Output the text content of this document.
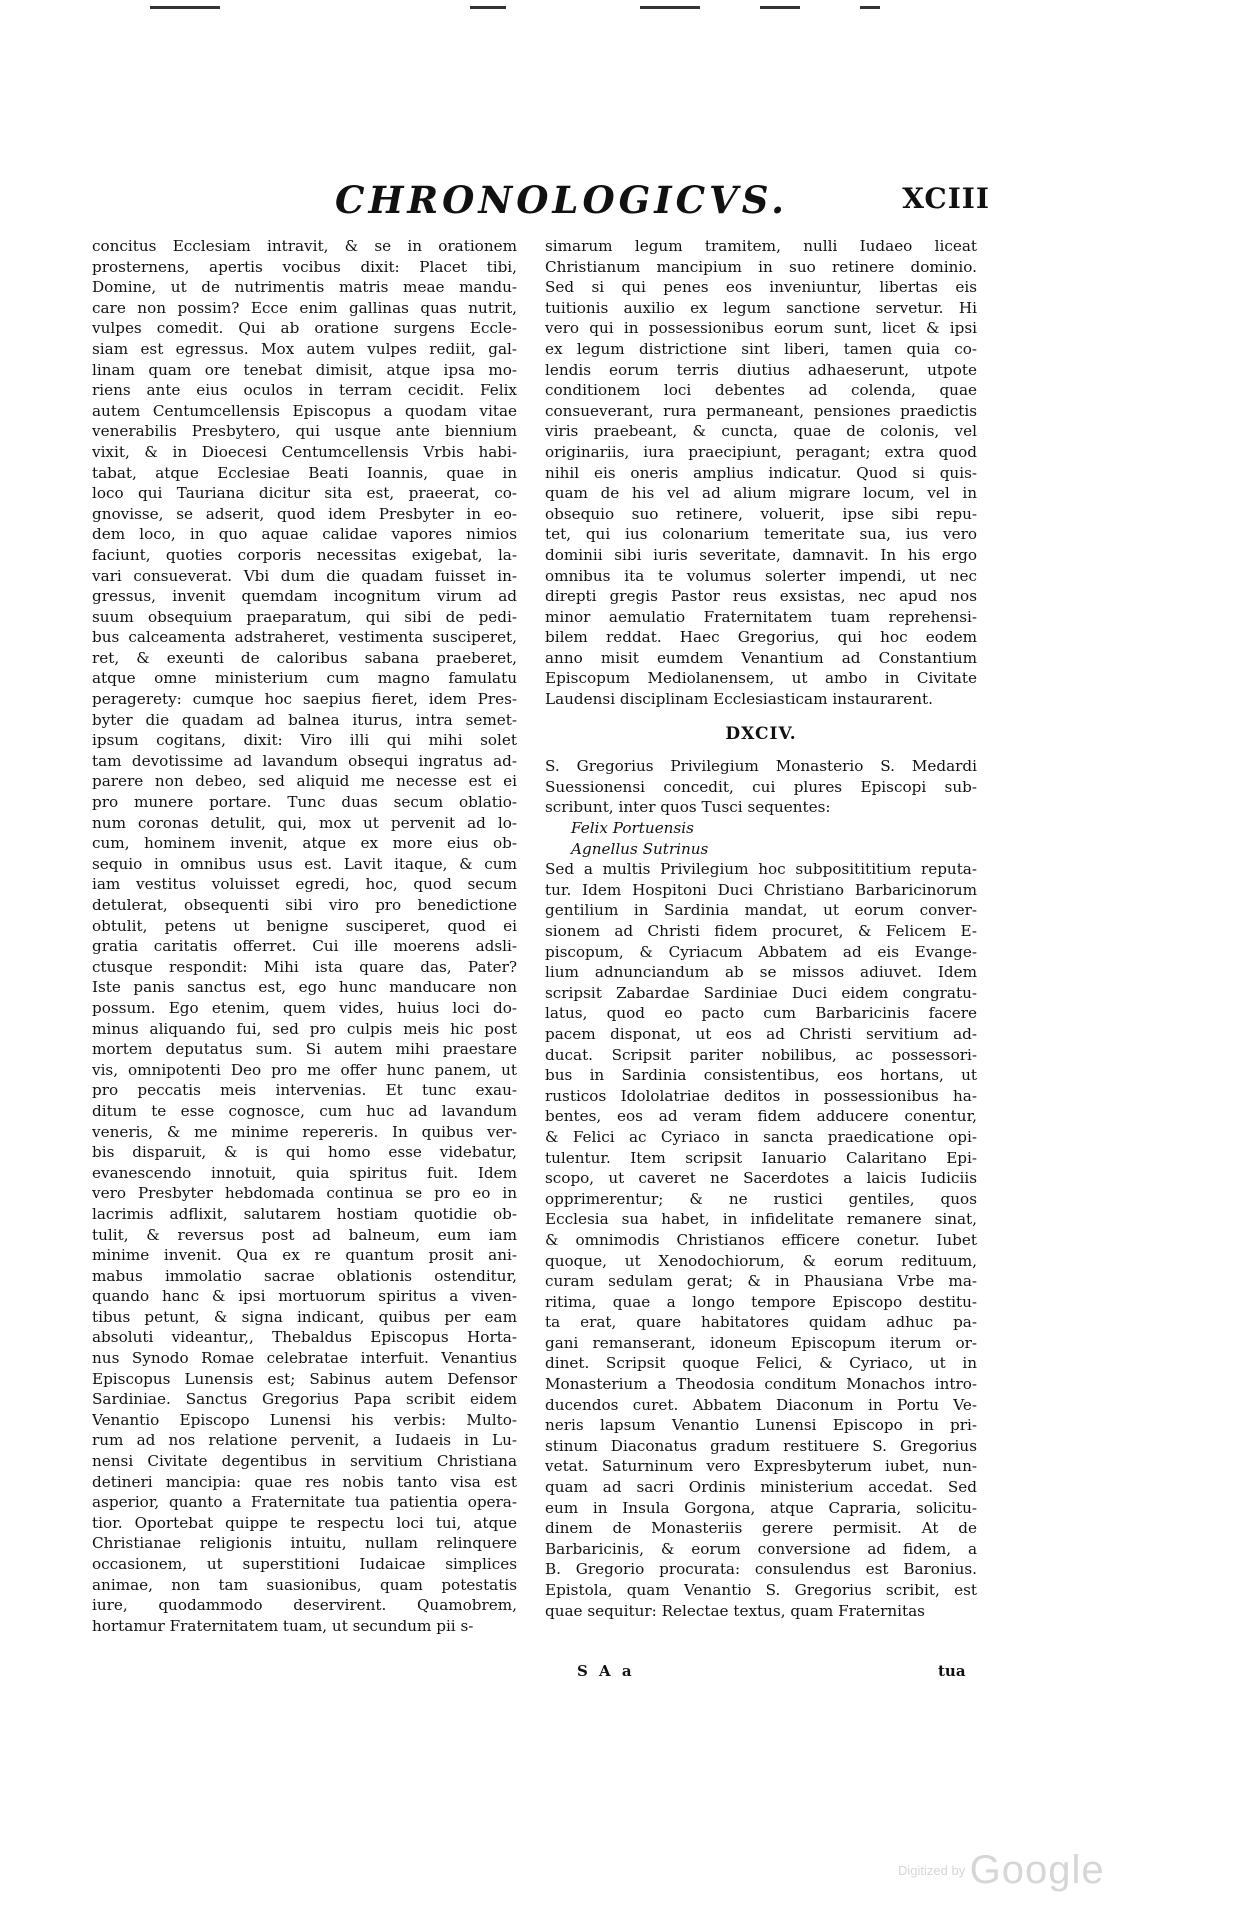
CHRONOLOGICVS.	XCIII
concitus Ecclesiam intravit, & se in orationem
prosternens, apertis vocibus dixit: Placet tibi,
Domine, ut de nutrimentis matris meae mandu-
care non possim? Ecce enim gallinas quas nutrit,
vulpes comedit. Qui ab oratione surgens Eccle-
siam est egressus. Mox autem vulpes rediit, gal-
linam quam ore tenebat dimisit, atque ipsa mo-
riens ante eius oculos in terram cecidit. Felix
autem Centumcellensis Episcopus a quodam vitae
venerabilis Presbytero, qui usque ante biennium
vixit, & in Dioecesi Centumcellensis Vrbis habi-
tabat, atque Ecclesiae Beati Ioannis, quae in
loco qui Tauriana dicitur sita est, praeerat, co-
gnovisse, se adserit, quod idem Presbyter in eo-
dem loco, in quo aquae calidae vapores nimios
faciunt, quoties corporis necessitas exigebat, la-
vari consueverat. Vbi dum die quadam fuisset in-
gressus, invenit quemdam incognitum virum ad
suum obsequium praeparatum, qui sibi de pedi-
bus calceamenta adstraheret, vestimenta susciperet,
ret, & exeunti de caloribus sabana praeberet,
atque omne ministerium cum magno famulatu
peragerety: cumque hoc saepius fieret, idem Pres-
byter die quadam ad balnea iturus, intra semet-
ipsum cogitans, dixit: Viro illi qui mihi solet
tam devotissime ad lavandum obsequi ingratus ad-
parere non debeo, sed aliquid me necesse est ei
pro munere portare. Tunc duas secum oblatio-
num coronas detulit, qui, mox ut pervenit ad lo-
cum, hominem invenit, atque ex more eius ob-
sequio in omnibus usus est. Lavit itaque, & cum
iam vestitus voluisset egredi, hoc, quod secum
detulerat, obsequenti sibi viro pro benedictione
obtulit, petens ut benigne susciperet, quod ei
gratia caritatis offerret. Cui ille moerens adsli-
ctusque respondit: Mihi ista quare das, Pater?
Iste panis sanctus est, ego hunc manducare non
possum. Ego etenim, quem vides, huius loci do-
minus aliquando fui, sed pro culpis meis hic post
mortem deputatus sum. Si autem mihi praestare
vis, omnipotenti Deo pro me offer hunc panem, ut
pro peccatis meis intervenias. Et tunc exau-
ditum te esse cognosce, cum huc ad lavandum
veneris, & me minime repereris. In quibus ver-
bis disparuit, & is qui homo esse videbatur,
evanescendo innotuit, quia spiritus fuit. Idem
vero Presbyter hebdomada continua se pro eo in
lacrimis adflixit, salutarem hostiam quotidie ob-
tulit, & reversus post ad balneum, eum iam
minime invenit. Qua ex re quantum prosit ani-
mabus immolatio sacrae oblationis ostenditur,
quando hanc & ipsi mortuorum spiritus a viven-
tibus petunt, & signa indicant, quibus per eam
absoluti videantur,, Thebaldus Episcopus Horta-
nus Synodo Romae celebratae interfuit. Venantius
Episcopus Lunensis est; Sabinus autem Defensor
Sardiniae. Sanctus Gregorius Papa scribit eidem
Venantio Episcopo Lunensi his verbis: Multo-
rum ad nos relatione pervenit, a Iudaeis in Lu-
nensi Civitate degentibus in servitium Christiana
detineri mancipia: quae res nobis tanto visa est
asperior, quanto a Fraternitate tua patientia opera-
tior. Oportebat quippe te respectu loci tui, atque
Christianae religionis intuitu, nullam relinquere
occasionem, ut superstitioni Iudaicae simplices
animae, non tam suasionibus, quam potestatis
iure, quodammodo deservirent. Quamobrem,
hortamur Fraternitatem tuam, ut secundum pii s-
simarum legum tramitem, nulli Iudaeo liceat
Christianum mancipium in suo retinere dominio.
Sed si qui penes eos inveniuntur, libertas eis
tuitionis auxilio ex legum sanctione servetur. Hi
vero qui in possessionibus eorum sunt, licet & ipsi
ex legum districtione sint liberi, tamen quia co-
lendis eorum terris diutius adhaeserunt, utpote
conditionem loci debentes ad colenda, quae
consueverant, rura permaneant, pensiones praedictis
viris praebeant, & cuncta, quae de colonis, vel
originariis, iura praecipiunt, peragant; extra quod
nihil eis oneris amplius indicatur. Quod si quis-
quam de his vel ad alium migrare locum, vel in
obsequio suo retinere, voluerit, ipse sibi repu-
tet, qui ius colonarium temeritate sua, ius vero
dominii sibi iuris severitate, damnavit. In his ergo
omnibus ita te volumus solerter impendi, ut nec
direpti gregis Pastor reus exsistas, nec apud nos
minor aemulatio Fraternitatem tuam reprehensi-
bilem reddat. Haec Gregorius, qui hoc eodem
anno misit eumdem Venantium ad Constantium
Episcopum Mediolanensem, ut ambo in Civitate
Laudensi disciplinam Ecclesiasticam instaurarent.
DXCIV.
S. Gregorius Privilegium Monasterio S. Medardi
Suessionensi concedit, cui plures Episcopi sub-
scribunt, inter quos Tusci sequentes:
Felix Portuensis
Agnellus Sutrinus
Sed a multis Privilegium hoc subpositititium reputa-
tur. Idem Hospitoni Duci Christiano Barbaricinorum
gentilium in Sardinia mandat, ut eorum conver-
sionem ad Christi fidem procuret, & Felicem E-
piscopum, & Cyriacum Abbatem ad eis Evange-
lium adnunciandum ab se missos adiuvet. Idem
scripsit Zabardae Sardiniae Duci eidem congratu-
latus, quod eo pacto cum Barbaricinis facere
pacem disponat, ut eos ad Christi servitium ad-
ducat. Scripsit pariter nobilibus, ac possessori-
bus in Sardinia consistentibus, eos hortans, ut
rusticos Idololatriae deditos in possessionibus ha-
bentes, eos ad veram fidem adducere conentur,
& Felici ac Cyriaco in sancta praedicatione opi-
tulentur. Item scripsit Ianuario Calaritano Epi-
scopo, ut caveret ne Sacerdotes a laicis Iudiciis
opprimerentur; & ne rustici gentiles, quos
Ecclesia sua habet, in infidelitate remanere sinat,
& omnimodis Christianos efficere conetur. Iubet
quoque, ut Xenodochiorum, & eorum redituum,
curam sedulam gerat; & in Phausiana Vrbe ma-
ritima, quae a longo tempore Episcopo destitu-
ta erat, quare habitatores quidam adhuc pa-
gani remanserant, idoneum Episcopum iterum or-
dinet. Scripsit quoque Felici, & Cyriaco, ut in
Monasterium a Theodosia conditum Monachos intro-
ducendos curet. Abbatem Diaconum in Portu Ve-
neris lapsum Venantio Lunensi Episcopo in pri-
stinum Diaconatus gradum restituere S. Gregorius
vetat. Saturninum vero Expresbyterum iubet, nun-
quam ad sacri Ordinis ministerium accedat. Sed
eum in Insula Gorgona, atque Capraria, solicitu-
dinem de Monasteriis gerere permisit. At de
Barbaricinis, & eorum conversione ad fidem, a
B. Gregorio procurata: consulendus est Baronius.
Epistola, quam Venantio S. Gregorius scribit, est
quae sequitur: Relectae textus, quam Fraternitas
S A a	tua
Digitized by Google
